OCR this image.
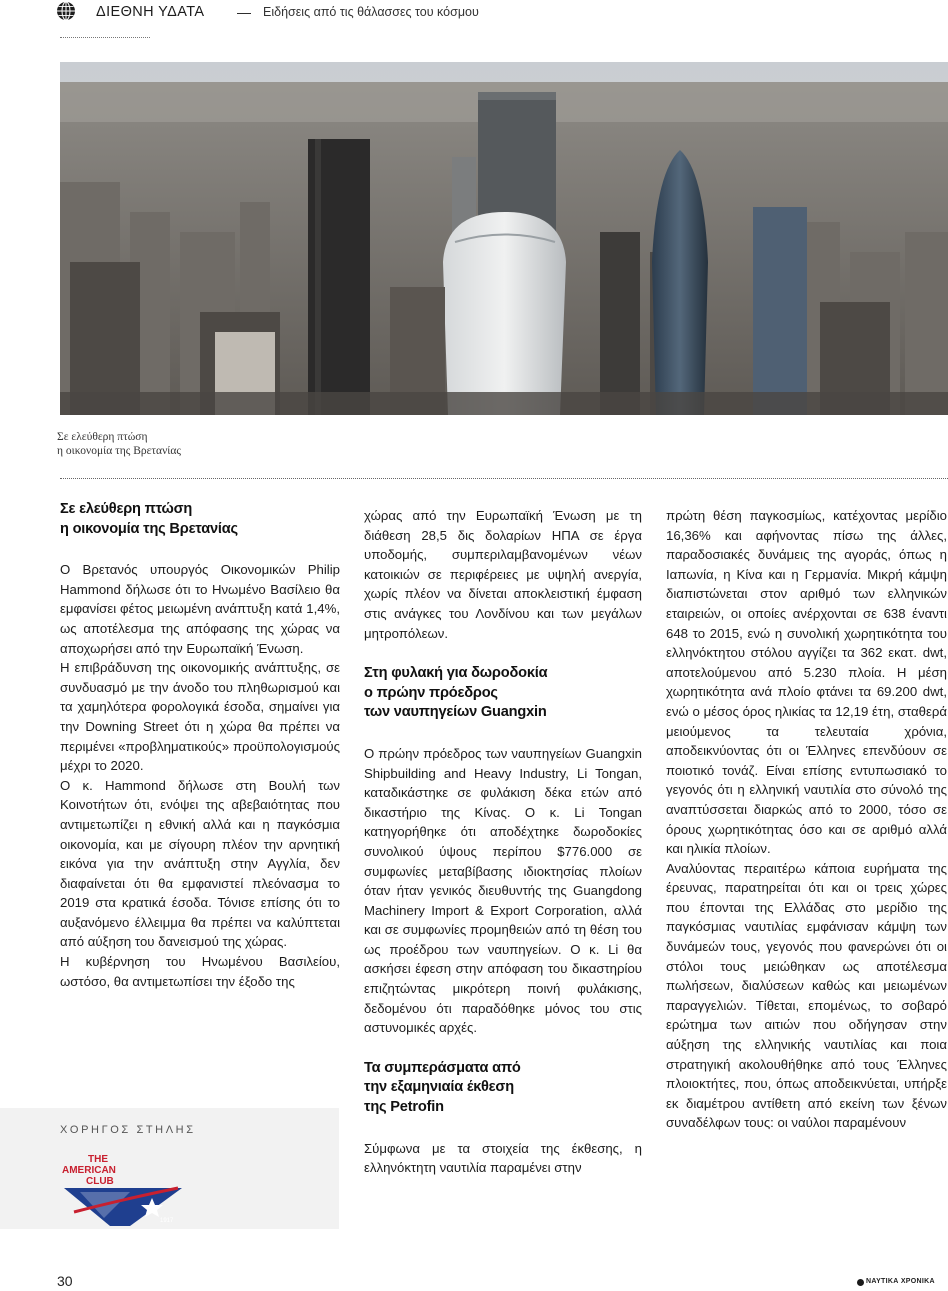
ΔΙΕΘΝΗ ΥΔΑΤΑ — Ειδήσεις από τις θάλασσες του κόσμου
Σε ελεύθερη πτώση
η οικονομία της Βρετανίας
Σε ελεύθερη πτώση
η οικονομία της Βρετανίας

Ο Βρετανός υπουργός Οικονομικών Philip Hammond δήλωσε ότι το Ηνωμένο Βασίλειο θα εμφανίσει φέτος μειωμένη ανάπτυξη κατά 1,4%, ως αποτέλεσμα της απόφασης της χώρας να αποχωρήσει από την Ευρωπαϊκή Ένωση.

Η επιβράδυνση της οικονομικής ανάπτυξης, σε συνδυασμό με την άνοδο του πληθωρισμού και τα χαμηλότερα φορολογικά έσοδα, σημαίνει για την Downing Street ότι η χώρα θα πρέπει να περιμένει «προβληματικούς» προϋπολογισμούς μέχρι το 2020.

Ο κ. Hammond δήλωσε στη Βουλή των Κοινοτήτων ότι, ενόψει της αβεβαιότητας που αντιμετωπίζει η εθνική αλλά και η παγκόσμια οικονομία, και με σίγουρη πλέον την αρνητική εικόνα για την ανάπτυξη στην Αγγλία, δεν διαφαίνεται ότι θα εμφανιστεί πλεόνασμα το 2019 στα κρατικά έσοδα. Τόνισε επίσης ότι το αυξανόμενο έλλειμμα θα πρέπει να καλύπτεται από αύξηση του δανεισμού της χώρας.

Η κυβέρνηση του Ηνωμένου Βασιλείου, ωστόσο, θα αντιμετωπίσει την έξοδο της

χώρας από την Ευρωπαϊκή Ένωση με τη διάθεση 28,5 δις δολαρίων ΗΠΑ σε έργα υποδομής, συμπεριλαμβανομένων νέων κατοικιών σε περιφέρειες με υψηλή ανεργία, χωρίς πλέον να δίνεται αποκλειστική έμφαση στις ανάγκες του Λονδίνου και των μεγάλων μητροπόλεων.

Στη φυλακή για δωροδοκία
ο πρώην πρόεδρος
των ναυπηγείων Guangxin

Ο πρώην πρόεδρος των ναυπηγείων Guangxin Shipbuilding and Heavy Industry, Li Tongan, καταδικάστηκε σε φυλάκιση δέκα ετών από δικαστήριο της Κίνας. Ο κ. Li Tongan κατηγορήθηκε ότι αποδέχτηκε δωροδοκίες συνολικού ύψους περίπου $776.000 σε συμφωνίες μεταβίβασης ιδιοκτησίας πλοίων όταν ήταν γενικός διευθυντής της Guangdong Machinery Import & Export Corporation, αλλά και σε συμφωνίες προμηθειών από τη θέση του ως προέδρου των ναυπηγείων. Ο κ. Li θα ασκήσει έφεση στην απόφαση του δικαστηρίου επιζητώντας μικρότερη ποινή φυλάκισης, δεδομένου ότι παραδόθηκε μόνος του στις αστυνομικές αρχές.

Τα συμπεράσματα από
την εξαμηνιαία έκθεση
της Petrofin

Σύμφωνα με τα στοιχεία της έκθεσης, η ελληνόκτητη ναυτιλία παραμένει στην

πρώτη θέση παγκοσμίως, κατέχοντας μερίδιο 16,36% και αφήνοντας πίσω της άλλες, παραδοσιακές δυνάμεις της αγοράς, όπως η Ιαπωνία, η Κίνα και η Γερμανία. Μικρή κάμψη διαπιστώνεται στον αριθμό των ελληνικών εταιρειών, οι οποίες ανέρχονται σε 638 έναντι 648 το 2015, ενώ η συνολική χωρητικότητα του ελληνόκτητου στόλου αγγίζει τα 362 εκατ. dwt, αποτελούμενου από 5.230 πλοία. Η μέση χωρητικότητα ανά πλοίο φτάνει τα 69.200 dwt, ενώ ο μέσος όρος ηλικίας τα 12,19 έτη, σταθερά μειούμενος τα τελευταία χρόνια, αποδεικνύοντας ότι οι Έλληνες επενδύουν σε ποιοτικό τονάζ. Είναι επίσης εντυπωσιακό το γεγονός ότι η ελληνική ναυτιλία στο σύνολό της αναπτύσσεται διαρκώς από το 2000, τόσο σε όρους χωρητικότητας όσο και σε αριθμό αλλά και ηλικία πλοίων.

Αναλύοντας περαιτέρω κάποια ευρήματα της έρευνας, παρατηρείται ότι και οι τρεις χώρες που έπονται της Ελλάδας στο μερίδιο της παγκόσμιας ναυτιλίας εμφάνισαν κάμψη των δυνάμεών τους, γεγονός που φανερώνει ότι οι στόλοι τους μειώθηκαν ως αποτέλεσμα πωλήσεων, διαλύσεων καθώς και μειωμένων παραγγελιών. Τίθεται, επομένως, το σοβαρό ερώτημα των αιτιών που οδήγησαν στην αύξηση της ελληνικής ναυτιλίας και ποια στρατηγική ακολουθήθηκε από τους Έλληνες πλοιοκτήτες, που, όπως αποδεικνύεται, υπήρξε εκ διαμέτρου αντίθετη από εκείνη των ξένων συναδέλφων τους: οι ναύλοι παραμένουν

ΧΟΡΗΓΟΣ ΣΤΗΛΗΣ
THE
AMERICAN
CLUB
1917
30	ΝΑΥΤΙΚΑ ΧΡΟΝΙΚΑ
